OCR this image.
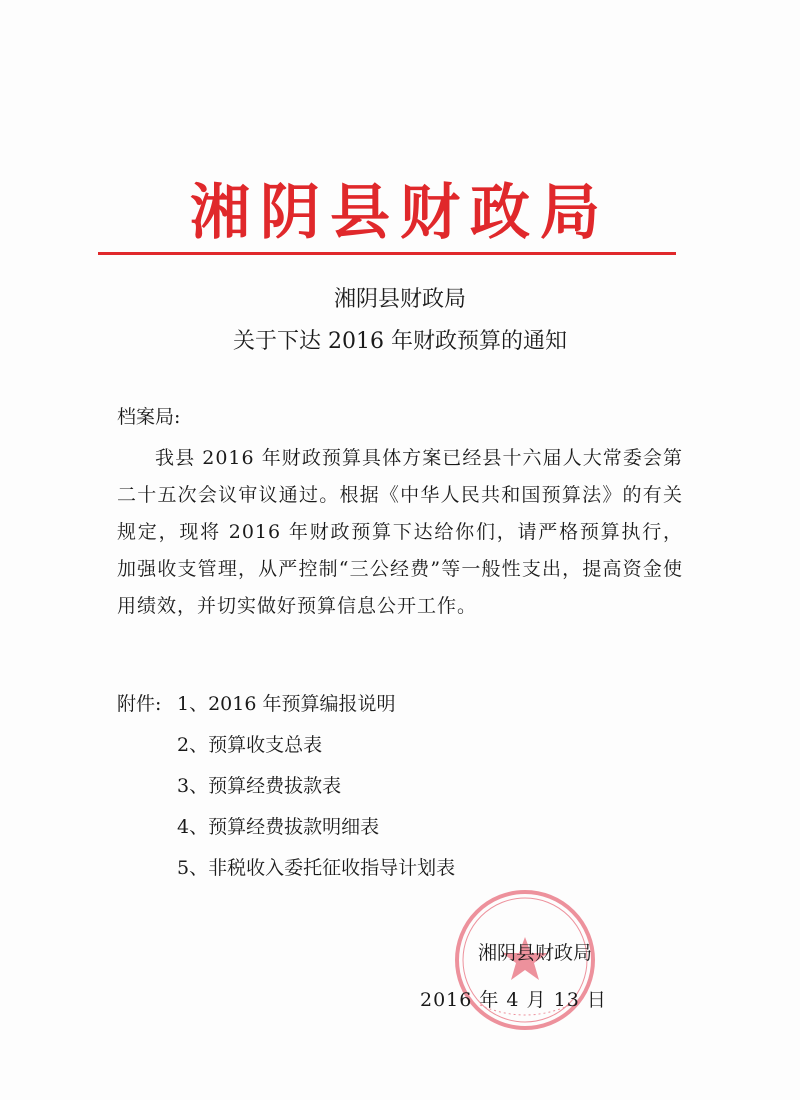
湘阴县财政局
湘阴县财政局
关于下达 2016 年财政预算的通知
档案局:
我县 2016 年财政预算具体方案已经县十六届人大常委会第二十五次会议审议通过。根据《中华人民共和国预算法》的有关规定，现将 2016 年财政预算下达给你们，请严格预算执行，加强收支管理，从严控制“三公经费”等一般性支出，提高资金使用绩效，并切实做好预算信息公开工作。
附件: 1、2016 年预算编报说明
2、预算收支总表
3、预算经费拔款表
4、预算经费拔款明细表
5、非税收入委托征收指导计划表
湘阴县财政局
2016 年 4 月 13 日
